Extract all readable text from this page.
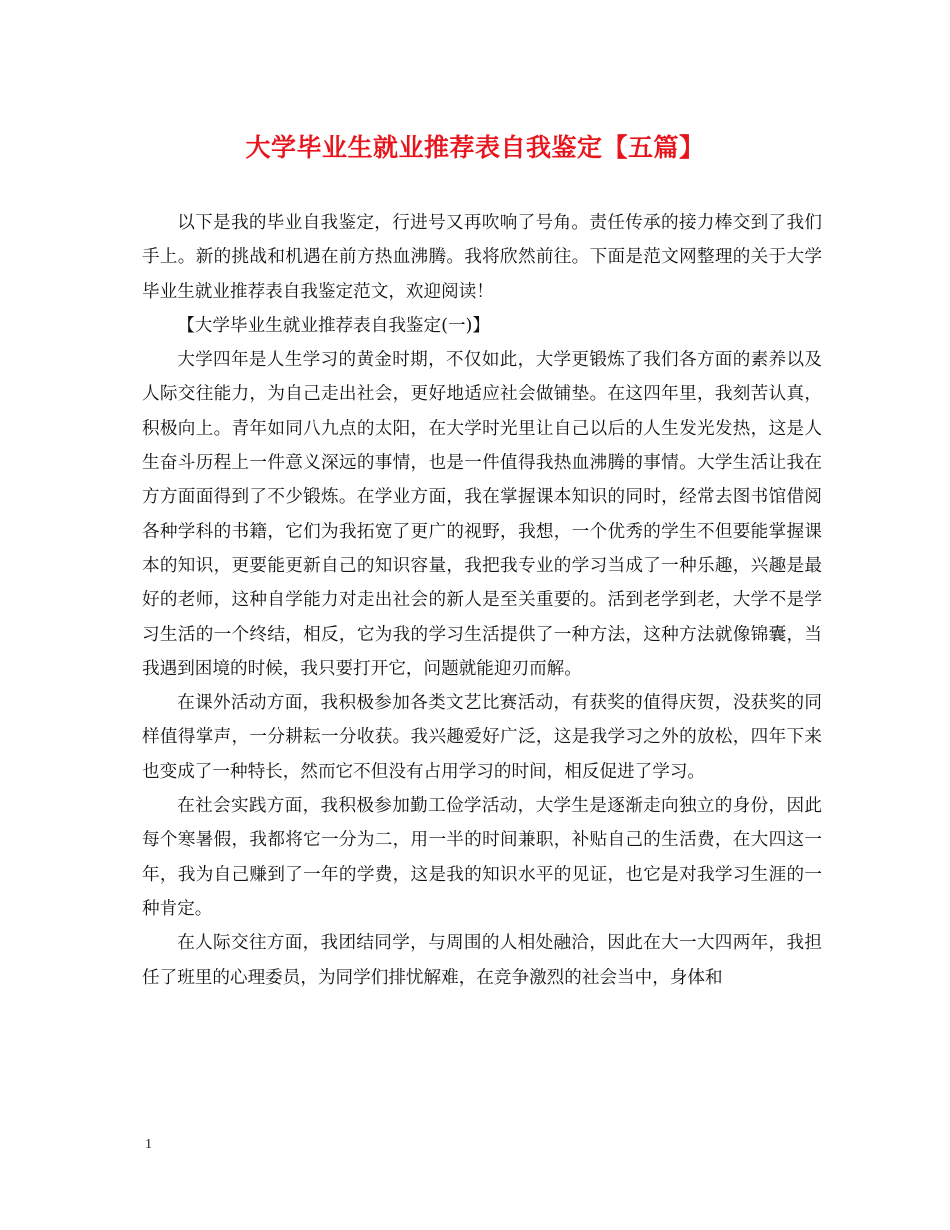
大学毕业生就业推荐表自我鉴定【五篇】

以下是我的毕业自我鉴定，行进号又再吹响了号角。责任传承的接力棒交到了我们手上。新的挑战和机遇在前方热血沸腾。我将欣然前往。下面是范文网整理的关于大学毕业生就业推荐表自我鉴定范文，欢迎阅读！

【大学毕业生就业推荐表自我鉴定(一)】

大学四年是人生学习的黄金时期，不仅如此，大学更锻炼了我们各方面的素养以及人际交往能力，为自己走出社会，更好地适应社会做铺垫。在这四年里，我刻苦认真，积极向上。青年如同八九点的太阳，在大学时光里让自己以后的人生发光发热，这是人生奋斗历程上一件意义深远的事情，也是一件值得我热血沸腾的事情。大学生活让我在方方面面得到了不少锻炼。在学业方面，我在掌握课本知识的同时，经常去图书馆借阅各种学科的书籍，它们为我拓宽了更广的视野，我想，一个优秀的学生不但要能掌握课本的知识，更要能更新自己的知识容量，我把我专业的学习当成了一种乐趣，兴趣是最好的老师，这种自学能力对走出社会的新人是至关重要的。活到老学到老，大学不是学习生活的一个终结，相反，它为我的学习生活提供了一种方法，这种方法就像锦囊，当我遇到困境的时候，我只要打开它，问题就能迎刃而解。

在课外活动方面，我积极参加各类文艺比赛活动，有获奖的值得庆贺，没获奖的同样值得掌声，一分耕耘一分收获。我兴趣爱好广泛，这是我学习之外的放松，四年下来也变成了一种特长，然而它不但没有占用学习的时间，相反促进了学习。

在社会实践方面，我积极参加勤工俭学活动，大学生是逐渐走向独立的身份，因此每个寒暑假，我都将它一分为二，用一半的时间兼职，补贴自己的生活费，在大四这一年，我为自己赚到了一年的学费，这是我的知识水平的见证，也它是对我学习生涯的一种肯定。

在人际交往方面，我团结同学，与周围的人相处融洽，因此在大一大四两年，我担任了班里的心理委员，为同学们排忧解难，在竞争激烈的社会当中，身体和

1
